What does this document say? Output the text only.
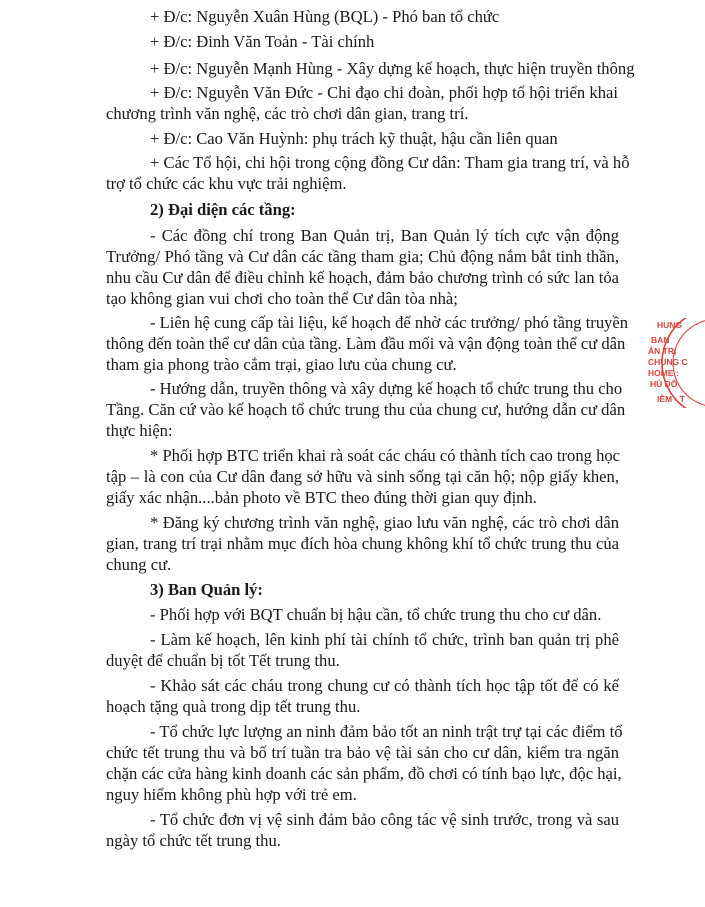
+ Đ/c: Nguyễn Xuân Hùng (BQL) - Phó ban tổ chức

+ Đ/c: Đinh Văn Toản - Tài chính

+ Đ/c: Nguyễn Mạnh Hùng - Xây dựng kế hoạch, thực hiện truyền thông

+ Đ/c: Nguyễn Văn Đức - Chi đạo chi đoàn, phối hợp tổ hội triển khai

chương trình văn nghệ, các trò chơi dân gian, trang trí.

+ Đ/c: Cao Văn Huỳnh: phụ trách kỹ thuật, hậu cần liên quan

+ Các Tổ hội, chi hội trong cộng đồng Cư dân: Tham gia trang trí, và hỗ

trợ tổ chức các khu vực trải nghiệm.

2) Đại diện các tầng:

- Các đồng chí trong Ban Quản trị, Ban Quản lý tích cực vận động

Trưởng/ Phó tầng và Cư dân các tầng tham gia; Chủ động nắm bắt tinh thần,

nhu cầu Cư dân để điều chỉnh kế hoạch, đảm bảo chương trình có sức lan tỏa

tạo không gian vui chơi cho toàn thể Cư dân tòa nhà;

- Liên hệ cung cấp tài liệu, kế hoạch để nhờ các trưởng/ phó tầng truyền

thông đến toàn thể cư dân của tầng. Làm đầu mối và vận động toàn thể cư dân

tham gia phong trào cắm trại, giao lưu của chung cư.

- Hướng dẫn, truyền thông và xây dựng kế hoạch tổ chức trung thu cho

Tầng. Căn cứ vào kế hoạch tổ chức trung thu của chung cư, hướng dẫn cư dân

thực hiện:

* Phối hợp BTC triển khai rà soát các cháu có thành tích cao trong học

tập – là con của Cư dân đang sở hữu và sinh sống tại căn hộ; nộp giấy khen,

giấy xác nhận....bản photo về BTC theo đúng thời gian quy định.

* Đăng ký chương trình văn nghệ, giao lưu văn nghệ, các trò chơi dân

gian, trang trí trại nhằm mục đích hòa chung không khí tổ chức trung thu của

chung cư.

3) Ban Quản lý:

- Phối hợp với BQT chuẩn bị hậu cần, tổ chức trung thu cho cư dân.

- Làm kế hoạch, lên kinh phí tài chính tổ chức, trình ban quản trị phê

duyệt để chuẩn bị tốt Tết trung thu.

- Khảo sát các cháu trong chung cư có thành tích học tập tốt để có kế

hoạch tặng quà trong dịp tết trung thu.

- Tổ chức lực lượng an ninh đảm bảo tốt an ninh trật trự tại các điểm tổ

chức tết trung thu và bố trí tuần tra bảo vệ tài sản cho cư dân, kiểm tra ngăn

chặn các cửa hàng kinh doanh các sản phẩm, đồ chơi có tính bạo lực, độc hại,

nguy hiểm không phù hợp với trẻ em.

- Tổ chức đơn vị vệ sinh đảm bảo công tác vệ sinh trước, trong và sau

ngày tổ chức tết trung thu.

HUNG
BAN
ẢN TRỊ
CHUNG C
HOME :
HỦ ĐÔ
IÊM - T
